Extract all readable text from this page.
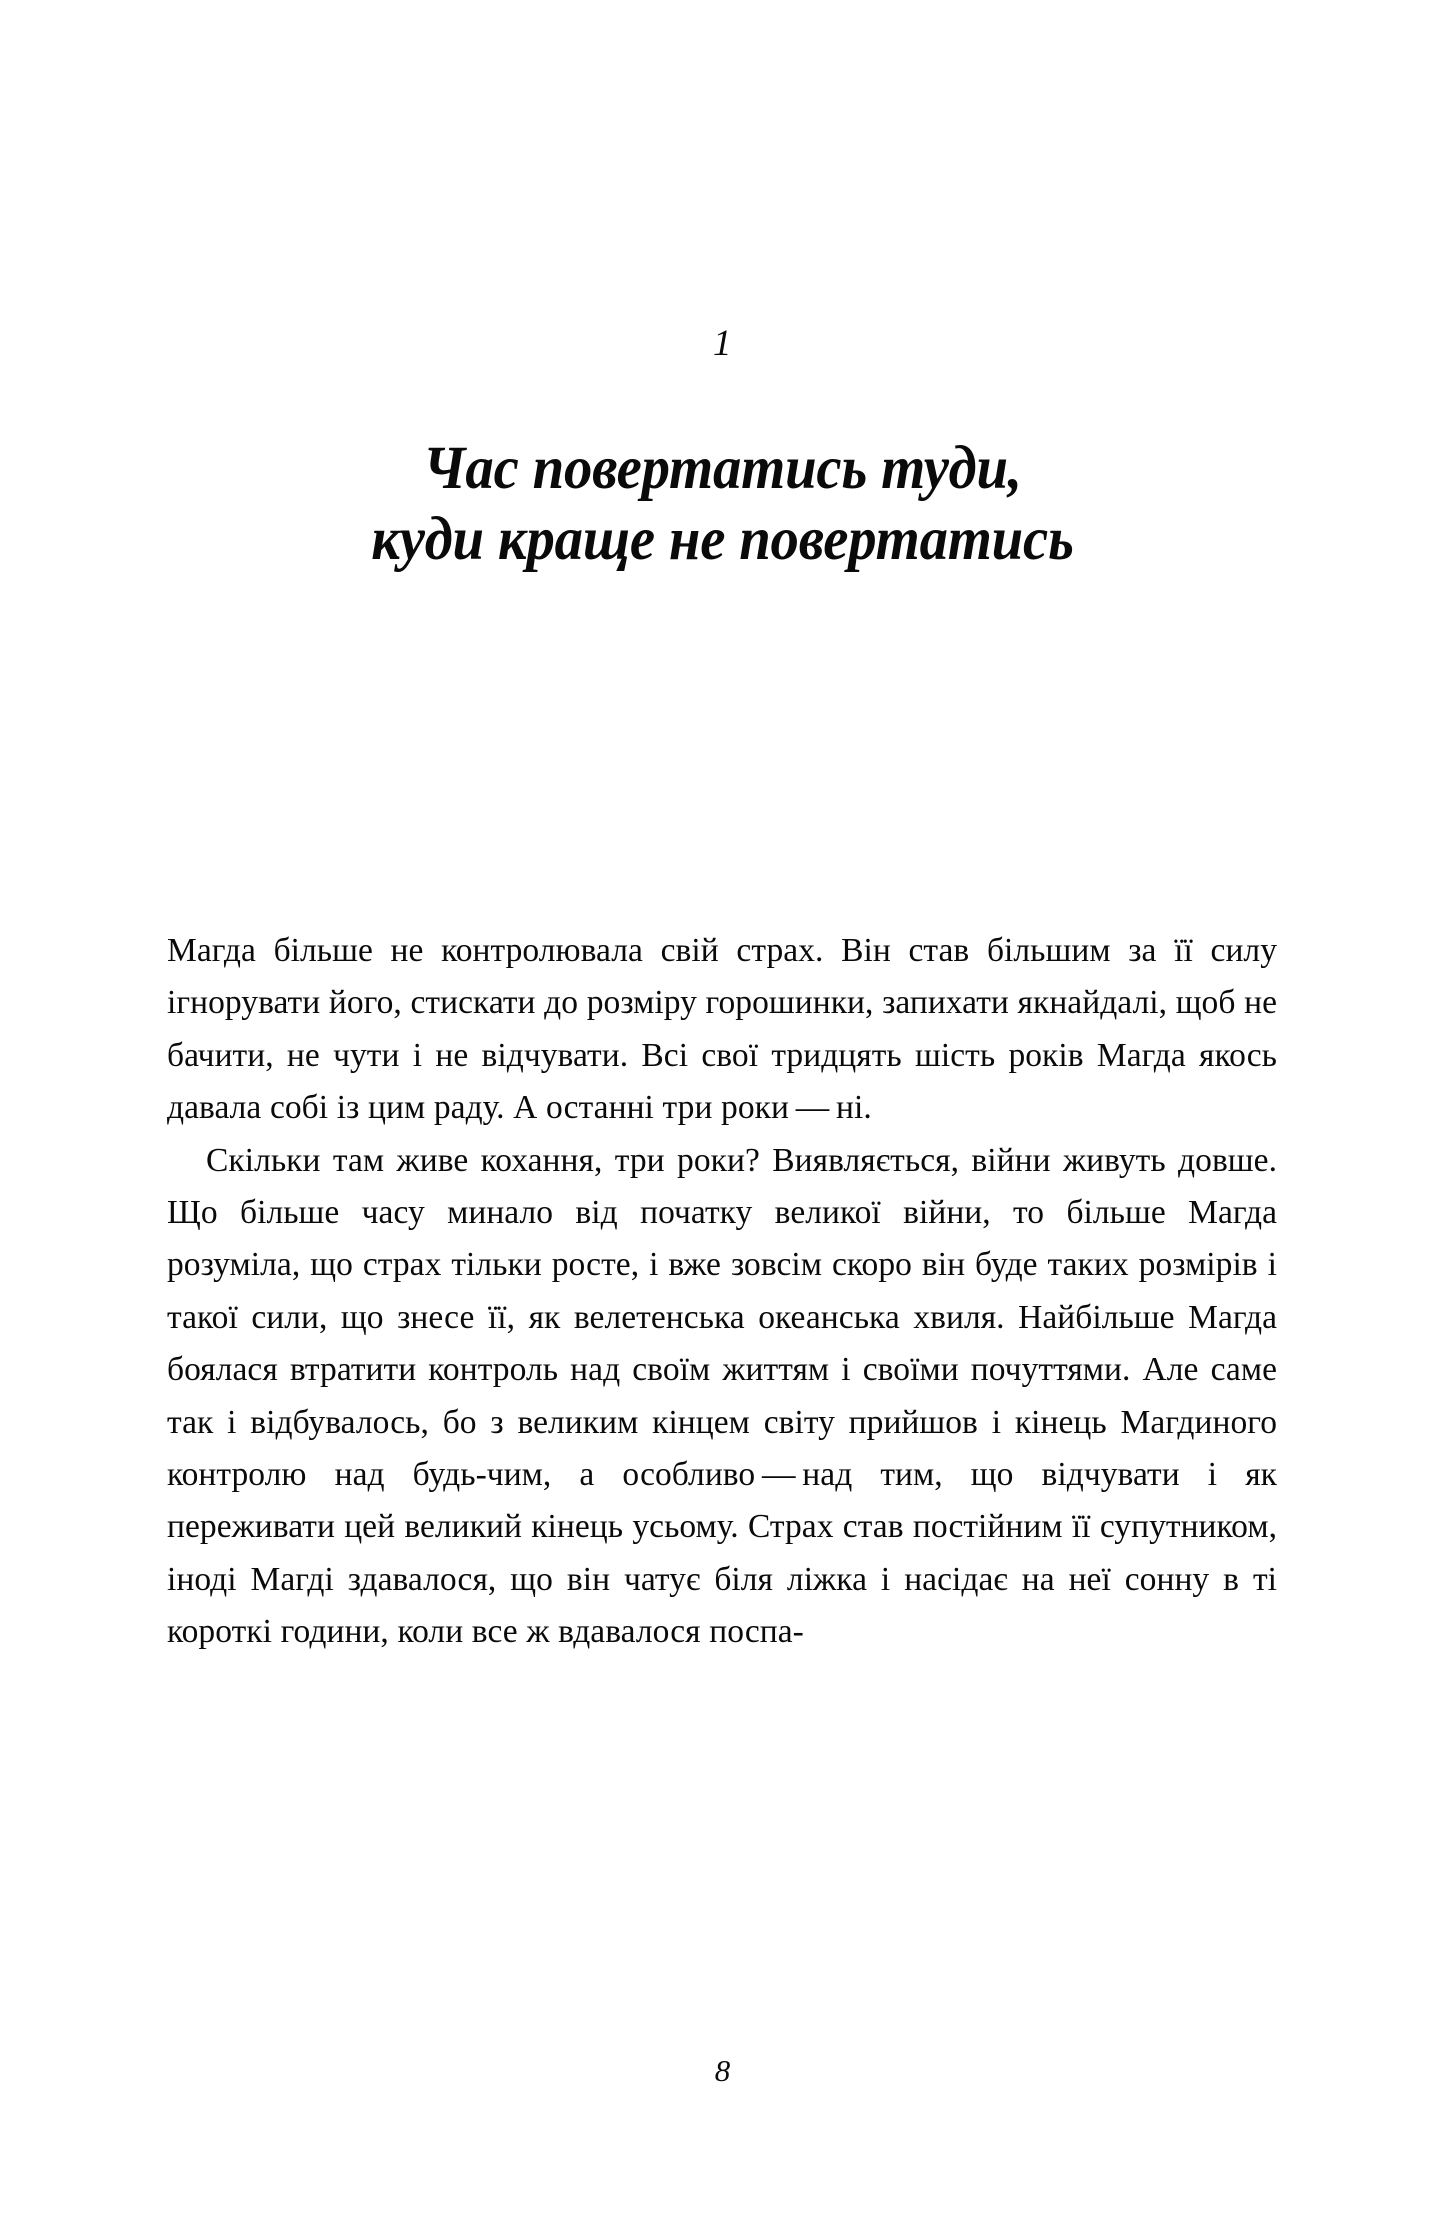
1
Час повертатись туди,
куди краще не повертатись

Магда більше не контролювала свій страх. Він став більшим за її силу ігнорувати його, стискати до розміру горошинки, запихати якнайдалі, щоб не бачити, не чути і не відчувати. Всі свої тридцять шість років Магда якось давала собі із цим раду. А останні три роки — ні.

Скільки там живе кохання, три роки? Виявляється, війни живуть довше. Що більше часу минало від початку великої війни, то більше Магда розуміла, що страх тільки росте, і вже зовсім скоро він буде таких розмірів і такої сили, що знесе її, як велетенська океанська хвиля. Найбільше Магда боялася втратити контроль над своїм життям і своїми почуттями. Але саме так і відбувалось, бо з великим кінцем світу прийшов і кінець Магдиного контролю над будь-чим, а особливо — над тим, що відчувати і як переживати цей великий кінець усьому. Страх став постійним її супутником, іноді Магді здавалося, що він чатує біля ліжка і насідає на неї сонну в ті короткі години, коли все ж вдавалося поспа-

8
